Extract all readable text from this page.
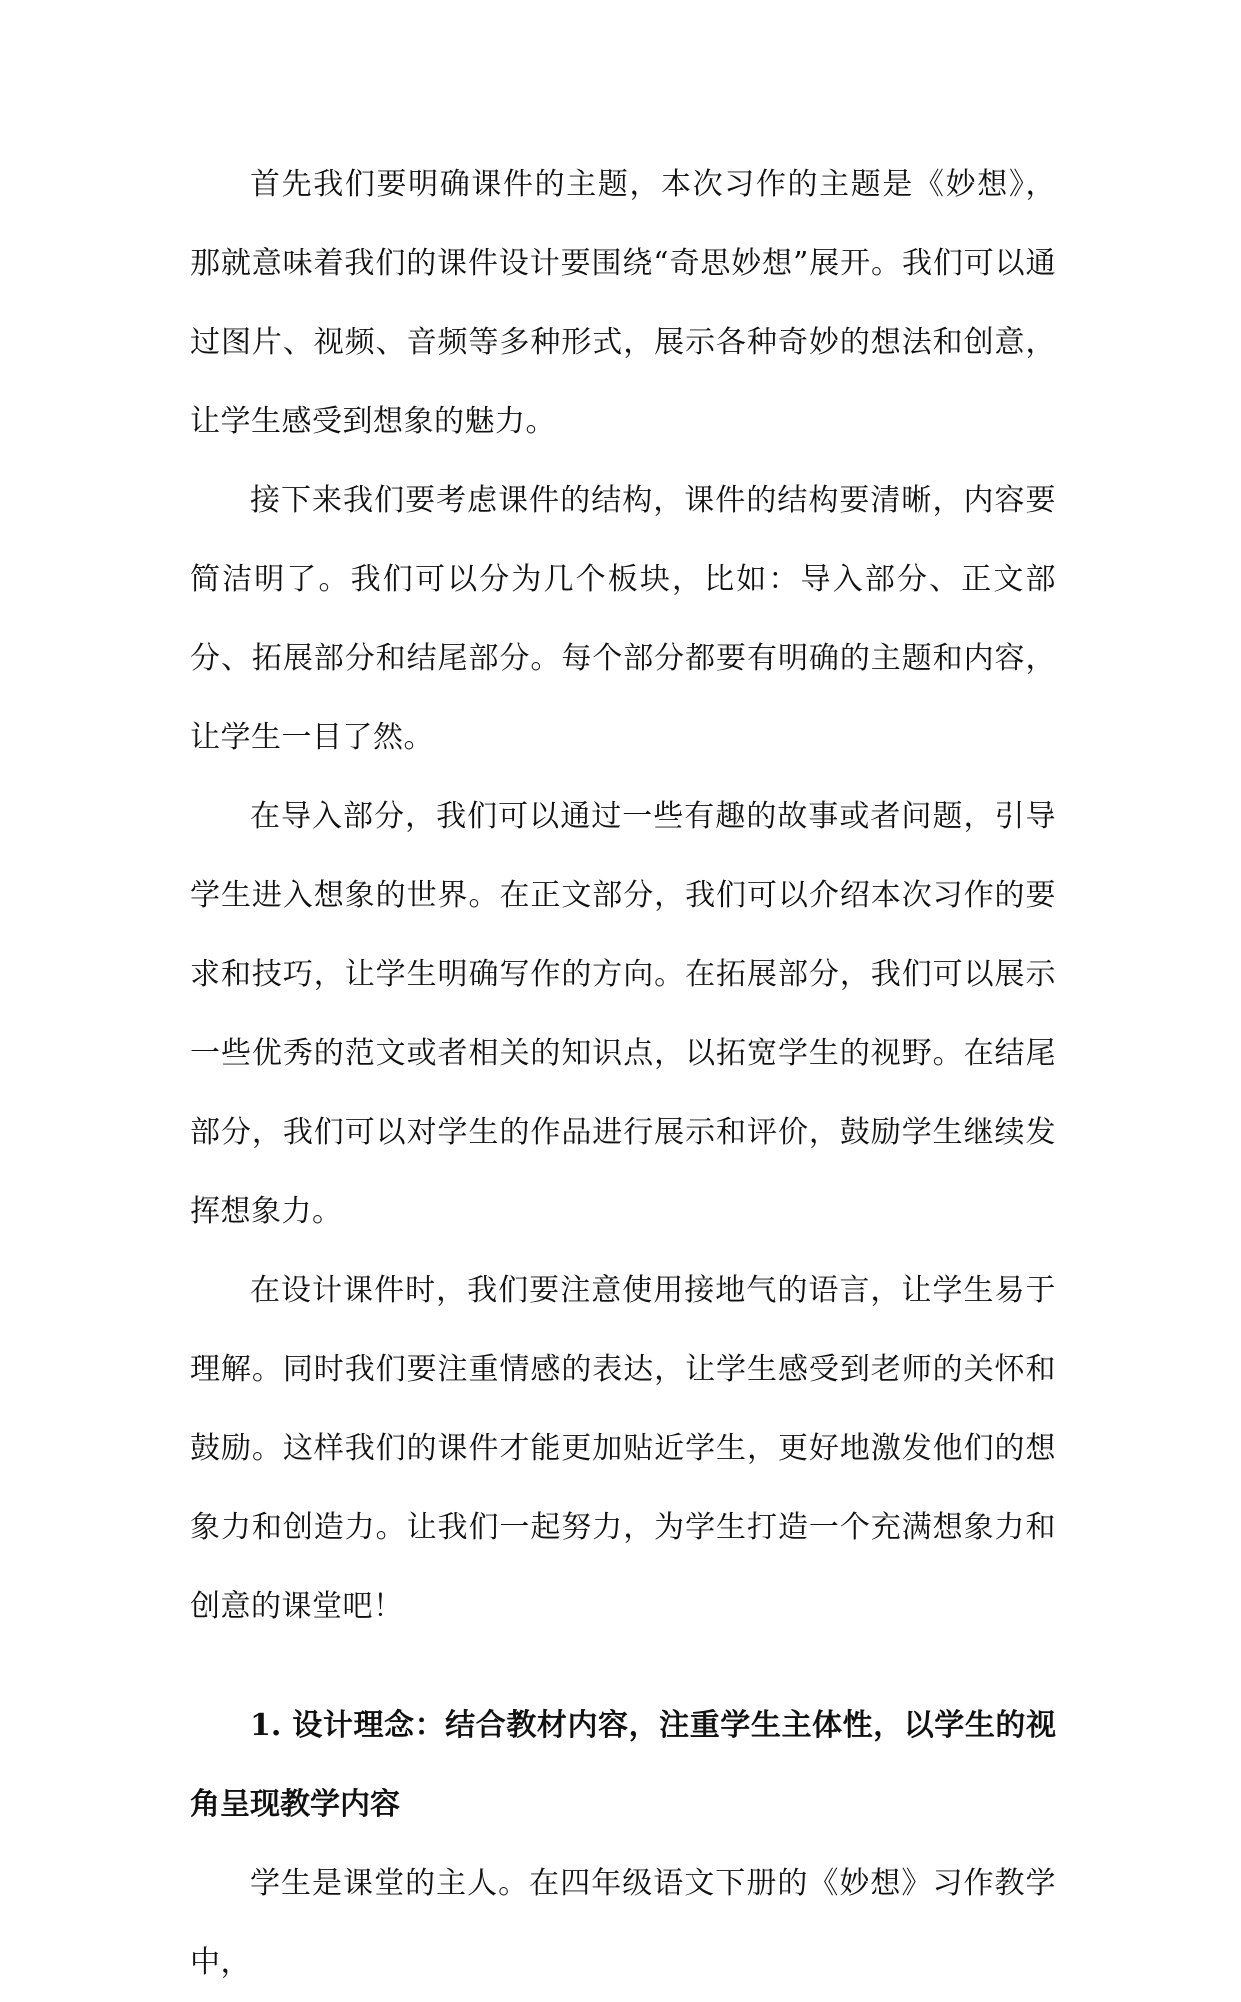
首先我们要明确课件的主题，本次习作的主题是《妙想》，那就意味着我们的课件设计要围绕“奇思妙想”展开。我们可以通过图片、视频、音频等多种形式，展示各种奇妙的想法和创意，让学生感受到想象的魅力。

接下来我们要考虑课件的结构，课件的结构要清晰，内容要简洁明了。我们可以分为几个板块，比如：导入部分、正文部分、拓展部分和结尾部分。每个部分都要有明确的主题和内容，让学生一目了然。

在导入部分，我们可以通过一些有趣的故事或者问题，引导学生进入想象的世界。在正文部分，我们可以介绍本次习作的要求和技巧，让学生明确写作的方向。在拓展部分，我们可以展示一些优秀的范文或者相关的知识点，以拓宽学生的视野。在结尾部分，我们可以对学生的作品进行展示和评价，鼓励学生继续发挥想象力。

在设计课件时，我们要注意使用接地气的语言，让学生易于理解。同时我们要注重情感的表达，让学生感受到老师的关怀和鼓励。这样我们的课件才能更加贴近学生，更好地激发他们的想象力和创造力。让我们一起努力，为学生打造一个充满想象力和创意的课堂吧！

1. 设计理念：结合教材内容，注重学生主体性，以学生的视角呈现教学内容

学生是课堂的主人。在四年级语文下册的《妙想》习作教学中，
